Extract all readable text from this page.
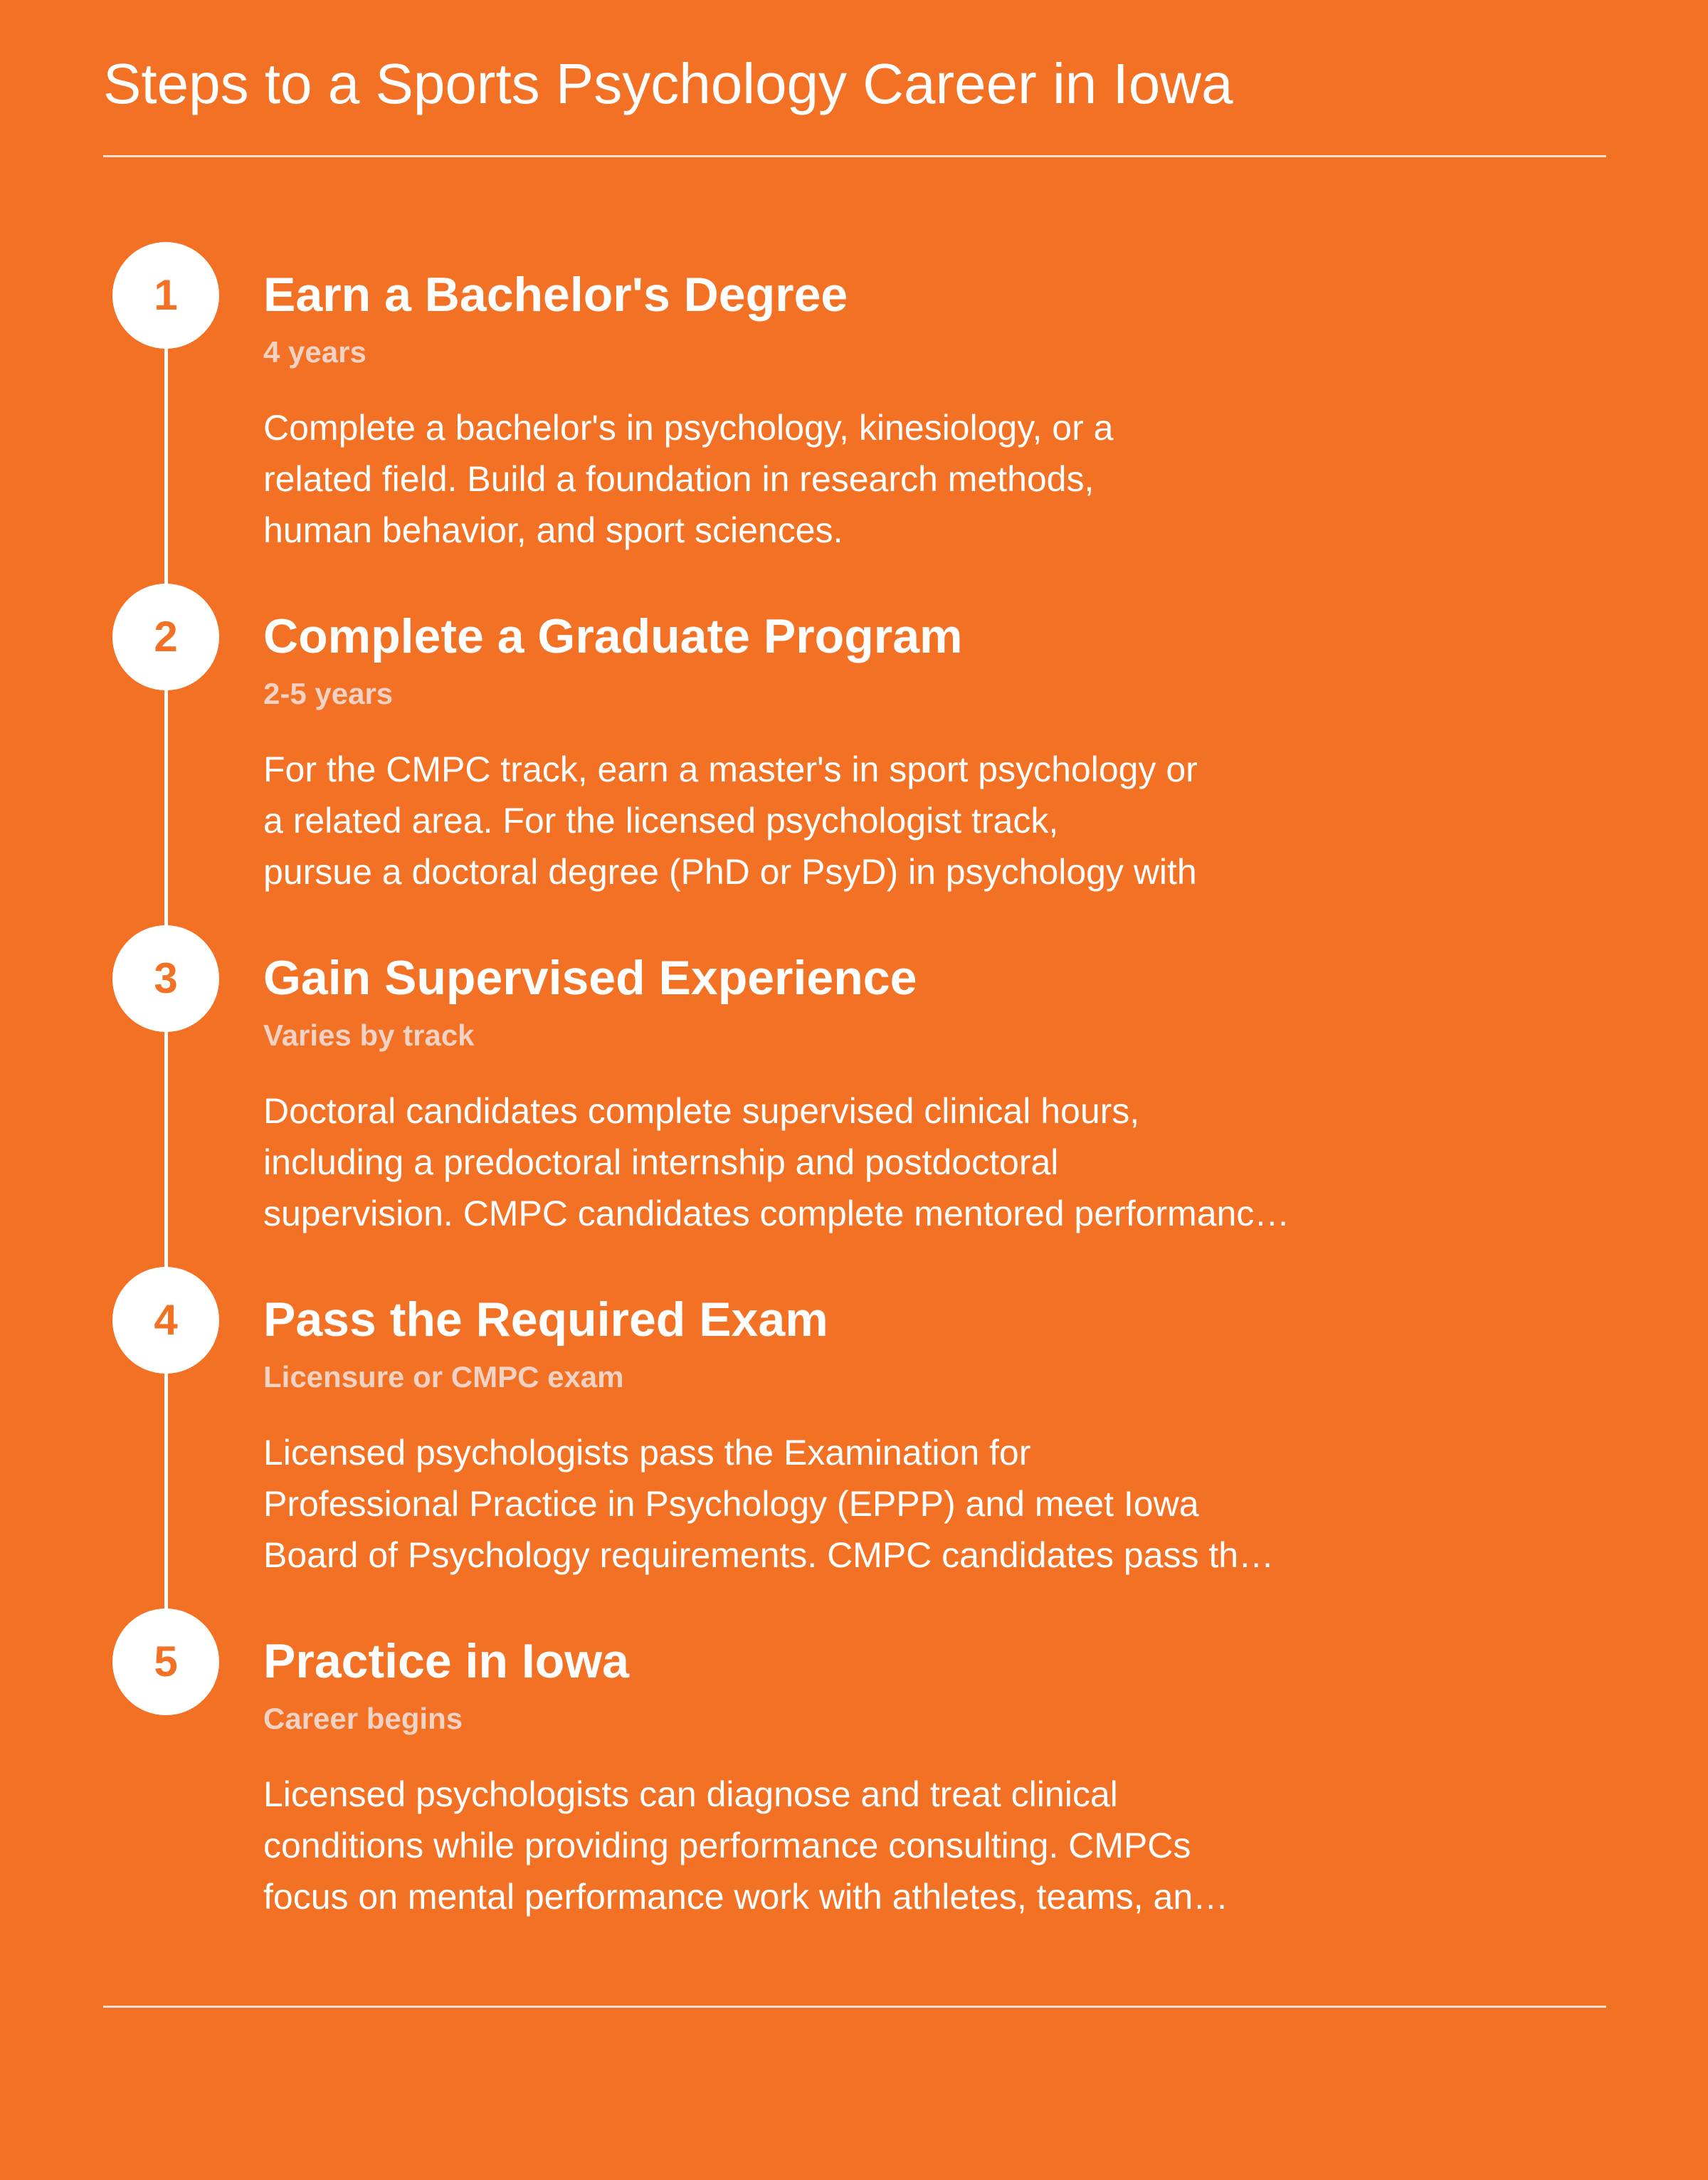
Steps to a Sports Psychology Career in Iowa
1	Earn a Bachelor's Degree
4 years
Complete a bachelor's in psychology, kinesiology, or a
related field. Build a foundation in research methods,
human behavior, and sport sciences.
2	Complete a Graduate Program
2-5 years
For the CMPC track, earn a master's in sport psychology or
a related area. For the licensed psychologist track,
pursue a doctoral degree (PhD or PsyD) in psychology with
3	Gain Supervised Experience
Varies by track
Doctoral candidates complete supervised clinical hours,
including a predoctoral internship and postdoctoral
supervision. CMPC candidates complete mentored performanc…
4	Pass the Required Exam
Licensure or CMPC exam
Licensed psychologists pass the Examination for
Professional Practice in Psychology (EPPP) and meet Iowa
Board of Psychology requirements. CMPC candidates pass th…
5	Practice in Iowa
Career begins
Licensed psychologists can diagnose and treat clinical
conditions while providing performance consulting. CMPCs
focus on mental performance work with athletes, teams, an…
